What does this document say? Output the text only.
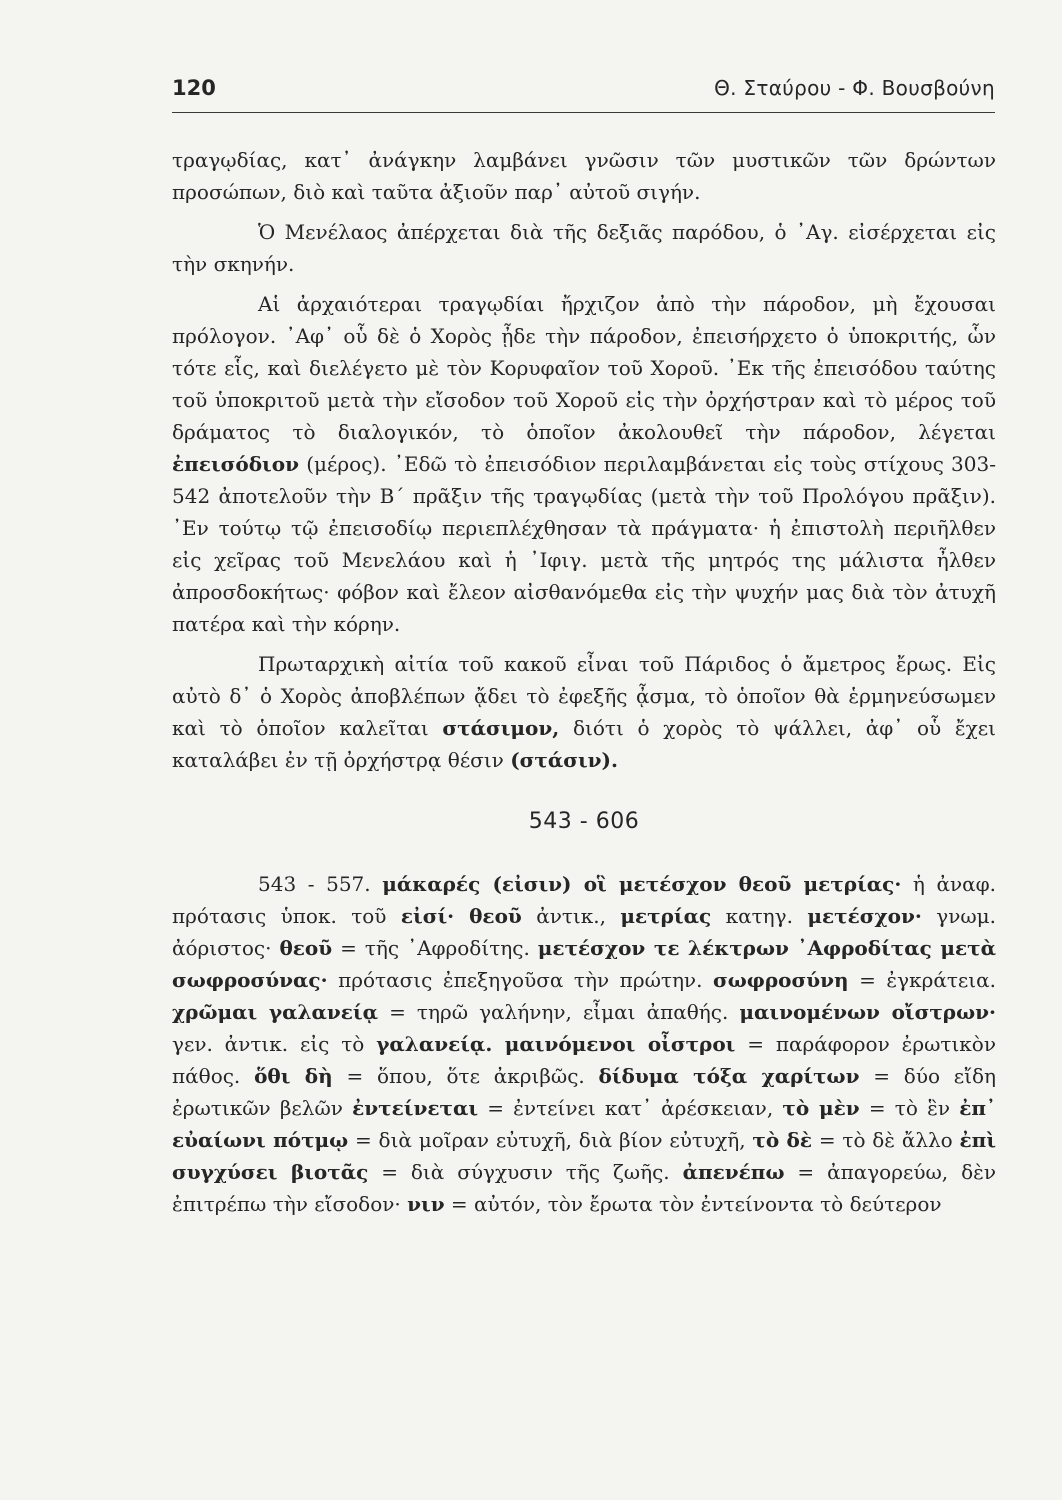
120	Θ. Σταύρου - Φ. Βουσβούνη

τραγῳδίας, κατ᾿ ἀνάγκην λαμβάνει γνῶσιν τῶν μυστικῶν τῶν δρώντων προσώπων, διὸ καὶ ταῦτα ἀξιοῦν παρ᾿ αὐτοῦ σιγήν.

Ὁ Μενέλαος ἀπέρχεται διὰ τῆς δεξιᾶς παρόδου, ὁ ᾿Αγ. εἰσέρχεται εἰς τὴν σκηνήν.

Αἱ ἀρχαιότεραι τραγῳδίαι ἤρχιζον ἀπὸ τὴν πάροδον, μὴ ἔχουσαι πρόλογον. ᾿Αφ᾿ οὗ δὲ ὁ Χορὸς ᾖδε τὴν πάροδον, ἐπεισήρχετο ὁ ὑποκριτής, ὧν τότε εἷς, καὶ διελέγετο μὲ τὸν Κορυφαῖον τοῦ Χοροῦ. ᾿Εκ τῆς ἐπεισόδου ταύτης τοῦ ὑποκριτοῦ μετὰ τὴν εἴσοδον τοῦ Χοροῦ εἰς τὴν ὀρχήστραν καὶ τὸ μέρος τοῦ δράματος τὸ διαλογικόν, τὸ ὁποῖον ἀκολουθεῖ τὴν πάροδον, λέγεται ἐπεισόδιον (μέρος). ᾿Εδῶ τὸ ἐπεισόδιον περιλαμβάνεται εἰς τοὺς στίχους 303-542 ἀποτελοῦν τὴν Β΄ πρᾶξιν τῆς τραγῳδίας (μετὰ τὴν τοῦ Προλόγου πρᾶξιν). ᾿Εν τούτῳ τῷ ἐπεισοδίῳ περιεπλέχθησαν τὰ πράγματα· ἡ ἐπιστολὴ περιῆλθεν εἰς χεῖρας τοῦ Μενελάου καὶ ἡ ᾿Ιφιγ. μετὰ τῆς μητρός της μάλιστα ἦλθεν ἀπροσδοκήτως· φόβον καὶ ἔλεον αἰσθανόμεθα εἰς τὴν ψυχήν μας διὰ τὸν ἀτυχῆ πατέρα καὶ τὴν κόρην.

Πρωταρχικὴ αἰτία τοῦ κακοῦ εἶναι τοῦ Πάριδος ὁ ἄμετρος ἔρως. Εἰς αὐτὸ δ᾿ ὁ Χορὸς ἀποβλέπων ᾄδει τὸ ἐφεξῆς ᾆσμα, τὸ ὁποῖον θὰ ἑρμηνεύσωμεν καὶ τὸ ὁποῖον καλεῖται στάσιμον, διότι ὁ χορὸς τὸ ψάλλει, ἀφ᾿ οὗ ἔχει καταλάβει ἐν τῇ ὀρχήστρᾳ θέσιν (στάσιν).

543 - 606

543 - 557. μάκαρές (εἰσιν) οἳ μετέσχον θεοῦ μετρίας· ἡ ἀναφ. πρότασις ὑποκ. τοῦ εἰσί· θεοῦ ἀντικ., μετρίας κατηγ. μετέσχον· γνωμ. ἀόριστος· θεοῦ = τῆς ᾿Αφροδίτης. μετέσχον τε λέκτρων ᾿Αφροδίτας μετὰ σωφροσύνας· πρότασις ἐπεξηγοῦσα τὴν πρώτην. σωφροσύνη = ἐγκράτεια. χρῶμαι γαλανείᾳ = τηρῶ γαλήνην, εἶμαι ἀπαθής. μαινομένων οἴστρων· γεν. ἀντικ. εἰς τὸ γαλανείᾳ. μαινόμενοι οἶστροι = παράφορον ἐρωτικὸν πάθος. ὅθι δὴ = ὅπου, ὅτε ἀκριβῶς. δίδυμα τόξα χαρίτων = δύο εἴδη ἐρωτικῶν βελῶν ἐντείνεται = ἐντείνει κατ᾿ ἀρέσκειαν, τὸ μὲν = τὸ ἓν ἐπ᾿ εὐαίωνι πότμῳ = διὰ μοῖραν εὐτυχῆ, διὰ βίον εὐτυχῆ, τὸ δὲ = τὸ δὲ ἄλλο ἐπὶ συγχύσει βιοτᾶς = διὰ σύγχυσιν τῆς ζωῆς. ἀπενέπω = ἀπαγορεύω, δὲν ἐπιτρέπω τὴν εἴσοδον· νιν = αὐτόν, τὸν ἔρωτα τὸν ἐντείνοντα τὸ δεύτερον
